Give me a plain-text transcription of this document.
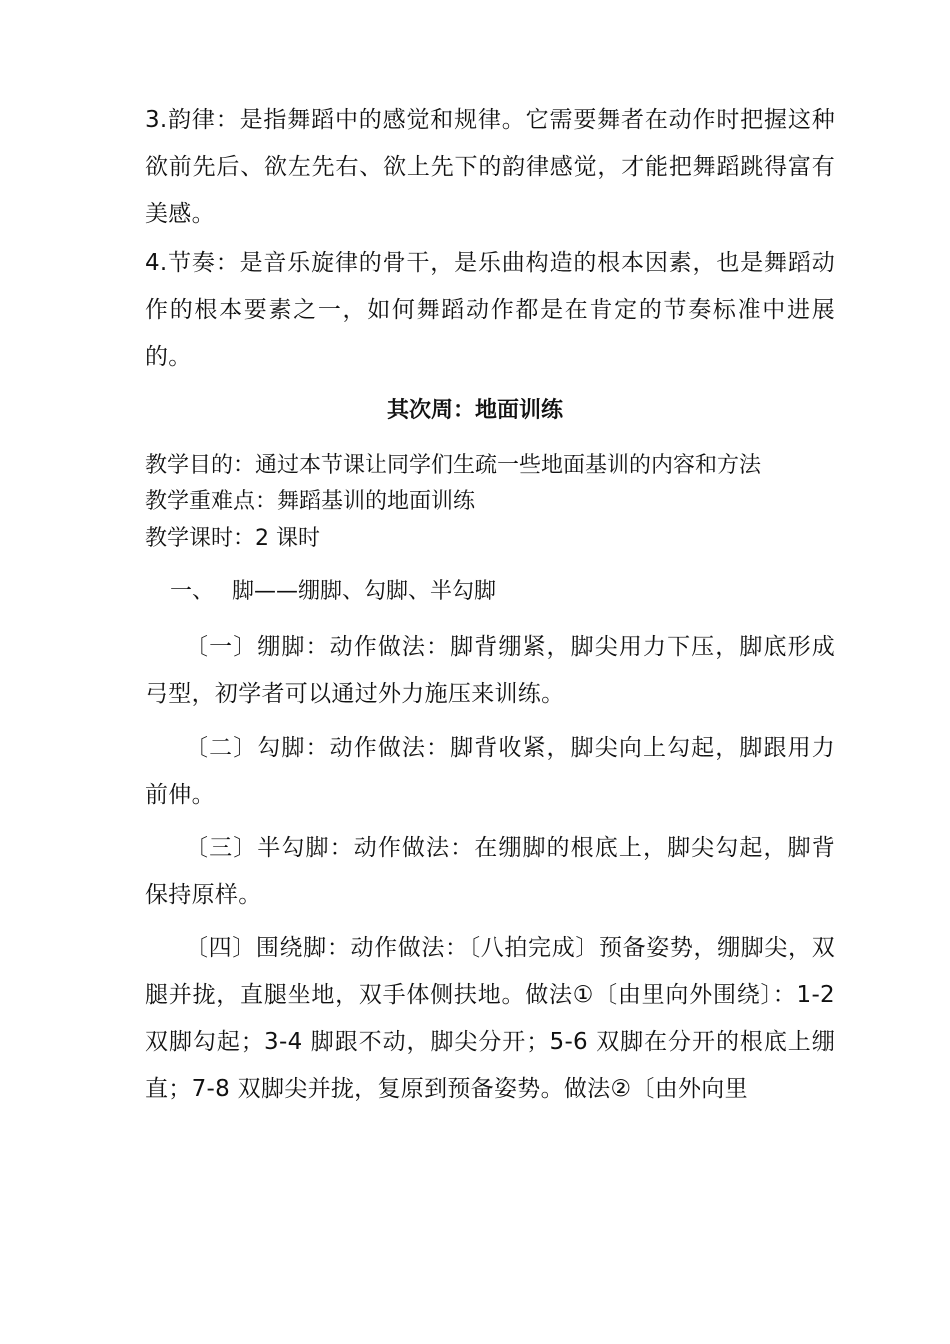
3.韵律：是指舞蹈中的感觉和规律。它需要舞者在动作时把握这种欲前先后、欲左先右、欲上先下的韵律感觉，才能把舞蹈跳得富有美感。

4.节奏：是音乐旋律的骨干，是乐曲构造的根本因素，也是舞蹈动作的根本要素之一，如何舞蹈动作都是在肯定的节奏标准中进展的。

其次周：地面训练

教学目的：通过本节课让同学们生疏一些地面基训的内容和方法

教学重难点：舞蹈基训的地面训练

教学课时：2 课时

一、 脚——绷脚、勾脚、半勾脚

〔一〕绷脚：动作做法：脚背绷紧，脚尖用力下压，脚底形成弓型，初学者可以通过外力施压来训练。

〔二〕勾脚：动作做法：脚背收紧，脚尖向上勾起，脚跟用力前伸。

〔三〕半勾脚：动作做法：在绷脚的根底上，脚尖勾起，脚背保持原样。

〔四〕围绕脚：动作做法：〔八拍完成〕预备姿势，绷脚尖，双腿并拢，直腿坐地，双手体侧扶地。做法①〔由里向外围绕〕：1-2 双脚勾起；3-4 脚跟不动，脚尖分开；5-6 双脚在分开的根底上绷直；7-8 双脚尖并拢，复原到预备姿势。做法②〔由外向里
